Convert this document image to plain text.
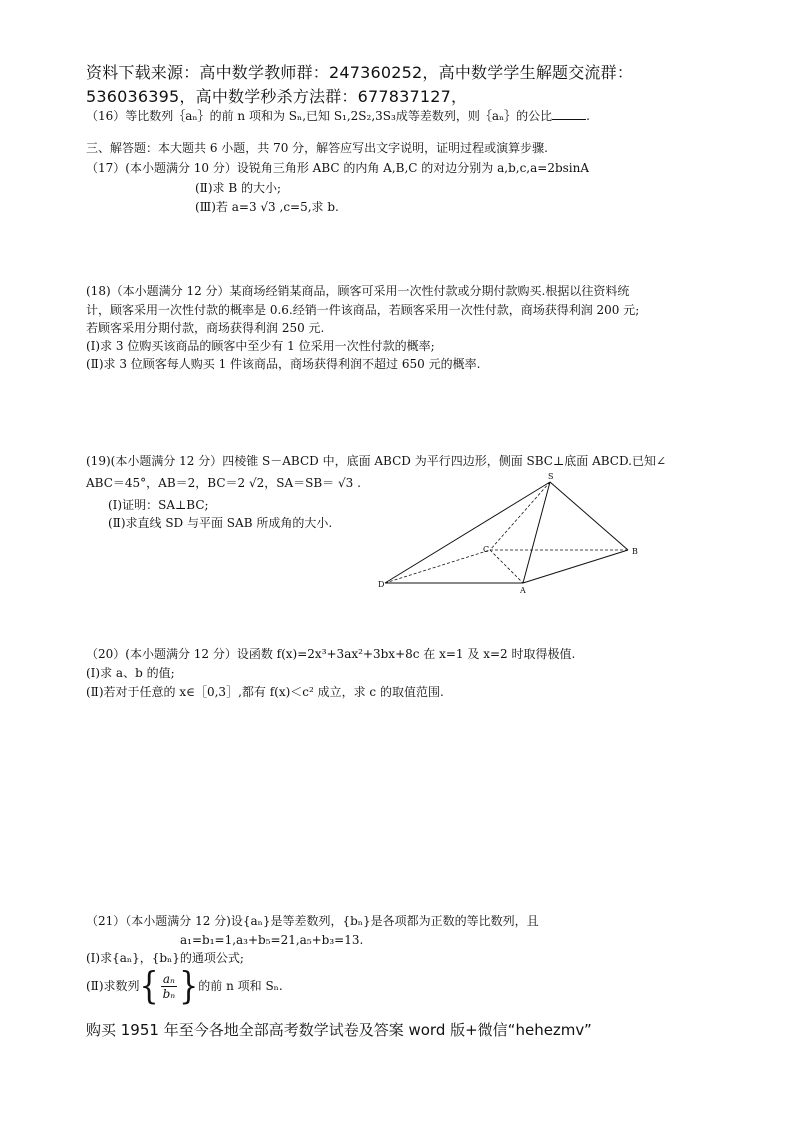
资料下载来源：高中数学教师群：247360252，高中数学学生解题交流群：
536036395，高中数学秒杀方法群：677837127，
（16）等比数列｛aₙ｝的前 n 项和为 Sₙ,已知 S₁,2S₂,3S₃成等差数列，则｛aₙ｝的公比	.
三、解答题：本大题共 6 小题，共 70 分，解答应写出文字说明，证明过程或演算步骤.
（17）(本小题满分 10 分）设锐角三角形 ABC 的内角 A,B,C 的对边分别为 a,b,c,a=2bsinA
(Ⅱ)求 B 的大小;
(Ⅲ)若 a=3 √3 ,c=5,求 b.
(18)（本小题满分 12 分）某商场经销某商品，顾客可采用一次性付款或分期付款购买.根据以往资料统
计，顾客采用一次性付款的概率是 0.6.经销一件该商品，若顾客采用一次性付款，商场获得利润 200 元;
若顾客采用分期付款，商场获得利润 250 元.
(Ⅰ)求 3 位购买该商品的顾客中至少有 1 位采用一次性付款的概率;
(Ⅱ)求 3 位顾客每人购买 1 件该商品，商场获得利润不超过 650 元的概率.
(19)(本小题满分 12 分）四棱锥 S－ABCD 中，底面 ABCD 为平行四边形，侧面 SBC⊥底面 ABCD.已知∠
ABC＝45°，AB＝2，BC＝2 √2，SA＝SB＝ √3 .
(Ⅰ)证明：SA⊥BC;
(Ⅱ)求直线 SD 与平面 SAB 所成角的大小.
S
C	B
D
A
（20）(本小题满分 12 分）设函数 f(x)=2x³+3ax²+3bx+8c 在 x=1 及 x=2 时取得极值.
(Ⅰ)求 a、b 的值;
(Ⅱ)若对于任意的 x∈［0,3］,都有 f(x)＜c² 成立，求 c 的取值范围.
（21）（本小题满分 12 分)设{aₙ}是等差数列，{bₙ}是各项都为正数的等比数列，且
a₁=b₁=1,a₃+b₅=21,a₅+b₃=13.
(Ⅰ)求{aₙ}，{bₙ}的通项公式;
(Ⅱ)求数列{ $\frac{\text{aₙ}}{\text{bₙ}}$ }的前 n 项和 Sₙ.
购买 1951 年至今各地全部高考数学试卷及答案 word 版+微信“hehezmv”
